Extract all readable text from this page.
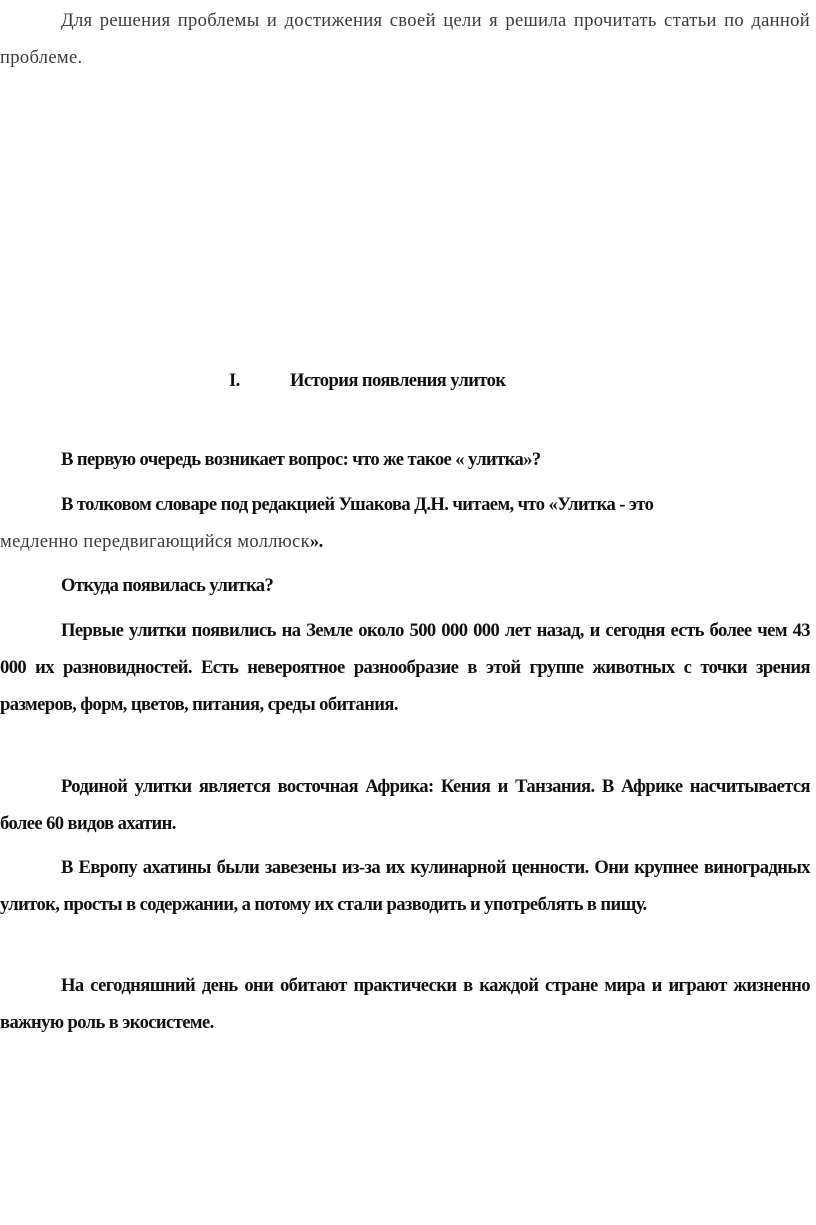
Для решения проблемы и достижения своей цели я решила прочитать статьи по данной проблеме.

I.	История появления улиток

В первую очередь возникает вопрос: что же такое « улитка»?

В толковом словаре под редакцией Ушакова Д.Н. читаем, что «Улитка - это
медленно передвигающийся моллюск».

Откуда появилась улитка?

Первые улитки появились на Земле около 500 000 000 лет назад, и сегодня есть более чем 43 000 их разновидностей. Есть невероятное разнообразие в этой группе животных с точки зрения размеров, форм, цветов, питания, среды обитания.

Родиной улитки является восточная Африка: Кения и Танзания. В Африке насчитывается более 60 видов ахатин.

В Европу ахатины были завезены из-за их кулинарной ценности. Они крупнее виноградных улиток, просты в содержании, а потому их стали разводить и употреблять в пищу.

На сегодняшний день они обитают практически в каждой стране мира и играют жизненно важную роль в экосистеме.
